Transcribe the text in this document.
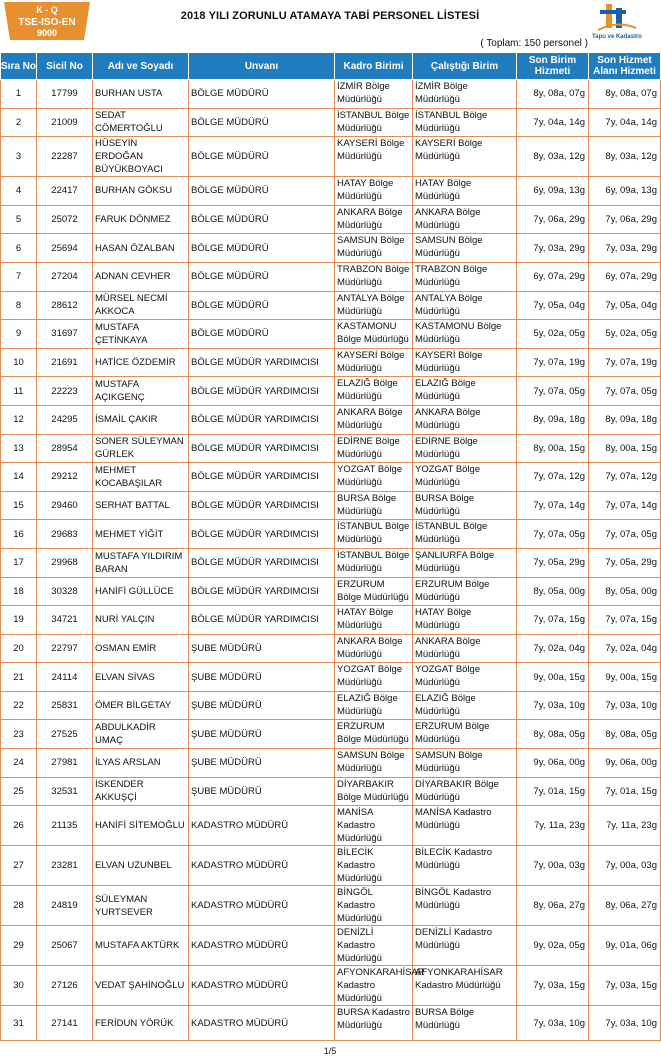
K - Q
TSE-ISO-EN
9000
2018 YILI ZORUNLU ATAMAYA TABİ PERSONEL LİSTESİ
Tapu ve Kadastro
( Toplam: 150 personel )
Sıra No	Sicil No	Adı ve Soyadı	Unvanı	Kadro Birimi	Çalıştığı Birim	Son Birim Hizmeti	Son Hizmet Alanı Hizmeti
1	17799	BURHAN USTA	BÖLGE MÜDÜRÜ	İZMİR Bölge Müdürlüğü	İZMİR Bölge Müdürlüğü	8y, 08a, 07g	8y, 08a, 07g
2	21009	SEDAT CÖMERTOĞLU	BÖLGE MÜDÜRÜ	İSTANBUL Bölge Müdürlüğü	İSTANBUL Bölge Müdürlüğü	7y, 04a, 14g	7y, 04a, 14g
3	22287	HÜSEYİN ERDOĞAN BÜYÜKBOYACI	BÖLGE MÜDÜRÜ	KAYSERİ Bölge Müdürlüğü	KAYSERİ Bölge Müdürlüğü	8y, 03a, 12g	8y, 03a, 12g
4	22417	BURHAN GÖKSU	BÖLGE MÜDÜRÜ	HATAY Bölge Müdürlüğü	HATAY Bölge Müdürlüğü	6y, 09a, 13g	6y, 09a, 13g
5	25072	FARUK DÖNMEZ	BÖLGE MÜDÜRÜ	ANKARA Bölge Müdürlüğü	ANKARA Bölge Müdürlüğü	7y, 06a, 29g	7y, 06a, 29g
6	25694	HASAN ÖZALBAN	BÖLGE MÜDÜRÜ	SAMSUN Bölge Müdürlüğü	SAMSUN Bölge Müdürlüğü	7y, 03a, 29g	7y, 03a, 29g
7	27204	ADNAN CEVHER	BÖLGE MÜDÜRÜ	TRABZON Bölge Müdürlüğü	TRABZON Bölge Müdürlüğü	6y, 07a, 29g	6y, 07a, 29g
8	28612	MÜRSEL NECMİ AKKOCA	BÖLGE MÜDÜRÜ	ANTALYA Bölge Müdürlüğü	ANTALYA Bölge Müdürlüğü	7y, 05a, 04g	7y, 05a, 04g
9	31697	MUSTAFA ÇETİNKAYA	BÖLGE MÜDÜRÜ	KASTAMONU Bölge Müdürlüğü	KASTAMONU Bölge Müdürlüğü	5y, 02a, 05g	5y, 02a, 05g
10	21691	HATİCE ÖZDEMİR	BÖLGE MÜDÜR YARDIMCISI	KAYSERİ Bölge Müdürlüğü	KAYSERİ Bölge Müdürlüğü	7y, 07a, 19g	7y, 07a, 19g
11	22223	MUSTAFA AÇIKGENÇ	BÖLGE MÜDÜR YARDIMCISI	ELAZIĞ Bölge Müdürlüğü	ELAZIĞ Bölge Müdürlüğü	7y, 07a, 05g	7y, 07a, 05g
12	24295	İSMAİL ÇAKIR	BÖLGE MÜDÜR YARDIMCISI	ANKARA Bölge Müdürlüğü	ANKARA Bölge Müdürlüğü	8y, 09a, 18g	8y, 09a, 18g
13	28954	SONER SÜLEYMAN GÜRLEK	BÖLGE MÜDÜR YARDIMCISI	EDİRNE Bölge Müdürlüğü	EDİRNE Bölge Müdürlüğü	8y, 00a, 15g	8y, 00a, 15g
14	29212	MEHMET KOCABAŞILAR	BÖLGE MÜDÜR YARDIMCISI	YOZGAT Bölge Müdürlüğü	YOZGAT Bölge Müdürlüğü	7y, 07a, 12g	7y, 07a, 12g
15	29460	SERHAT BATTAL	BÖLGE MÜDÜR YARDIMCISI	BURSA Bölge Müdürlüğü	BURSA Bölge Müdürlüğü	7y, 07a, 14g	7y, 07a, 14g
16	29683	MEHMET YİĞİT	BÖLGE MÜDÜR YARDIMCISI	İSTANBUL Bölge Müdürlüğü	İSTANBUL Bölge Müdürlüğü	7y, 07a, 05g	7y, 07a, 05g
17	29968	MUSTAFA YILDIRIM BARAN	BÖLGE MÜDÜR YARDIMCISI	İSTANBUL Bölge Müdürlüğü	ŞANLIURFA Bölge Müdürlüğü	7y, 05a, 29g	7y, 05a, 29g
18	30328	HANİFİ GÜLLÜCE	BÖLGE MÜDÜR YARDIMCISI	ERZURUM Bölge Müdürlüğü	ERZURUM Bölge Müdürlüğü	8y, 05a, 00g	8y, 05a, 00g
19	34721	NURİ YALÇIN	BÖLGE MÜDÜR YARDIMCISI	HATAY Bölge Müdürlüğü	HATAY Bölge Müdürlüğü	7y, 07a, 15g	7y, 07a, 15g
20	22797	OSMAN EMİR	ŞUBE MÜDÜRÜ	ANKARA Bölge Müdürlüğü	ANKARA Bölge Müdürlüğü	7y, 02a, 04g	7y, 02a, 04g
21	24114	ELVAN SİVAS	ŞUBE MÜDÜRÜ	YOZGAT Bölge Müdürlüğü	YOZGAT Bölge Müdürlüğü	9y, 00a, 15g	9y, 00a, 15g
22	25831	ÖMER BİLGETAY	ŞUBE MÜDÜRÜ	ELAZIĞ Bölge Müdürlüğü	ELAZIĞ Bölge Müdürlüğü	7y, 03a, 10g	7y, 03a, 10g
23	27525	ABDULKADİR UMAÇ	ŞUBE MÜDÜRÜ	ERZURUM Bölge Müdürlüğü	ERZURUM Bölge Müdürlüğü	8y, 08a, 05g	8y, 08a, 05g
24	27981	İLYAS ARSLAN	ŞUBE MÜDÜRÜ	SAMSUN Bölge Müdürlüğü	SAMSUN Bölge Müdürlüğü	9y, 06a, 00g	9y, 06a, 00g
25	32531	İSKENDER AKKUŞÇİ	ŞUBE MÜDÜRÜ	DİYARBAKIR Bölge Müdürlüğü	DİYARBAKIR Bölge Müdürlüğü	7y, 01a, 15g	7y, 01a, 15g
26	21135	HANİFİ SİTEMOĞLU	KADASTRO MÜDÜRÜ	MANİSA Kadastro Müdürlüğü	MANİSA Kadastro Müdürlüğü	7y, 11a, 23g	7y, 11a, 23g
27	23281	ELVAN UZUNBEL	KADASTRO MÜDÜRÜ	BİLECİK Kadastro Müdürlüğü	BİLECİK Kadastro Müdürlüğü	7y, 00a, 03g	7y, 00a, 03g
28	24819	SÜLEYMAN YURTSEVER	KADASTRO MÜDÜRÜ	BİNGÖL Kadastro Müdürlüğü	BİNGÖL Kadastro Müdürlüğü	8y, 06a, 27g	8y, 06a, 27g
29	25067	MUSTAFA AKTÜRK	KADASTRO MÜDÜRÜ	DENİZLİ Kadastro Müdürlüğü	DENİZLİ Kadastro Müdürlüğü	9y, 02a, 05g	9y, 01a, 06g
30	27126	VEDAT ŞAHİNOĞLU	KADASTRO MÜDÜRÜ	AFYONKARAHİSAR Kadastro Müdürlüğü	AFYONKARAHİSAR Kadastro Müdürlüğü	7y, 03a, 15g	7y, 03a, 15g
31	27141	FERİDUN YÖRÜK	KADASTRO MÜDÜRÜ	BURSA Kadastro Müdürlüğü	BURSA Bölge Müdürlüğü	7y, 03a, 10g	7y, 03a, 10g
1/5
